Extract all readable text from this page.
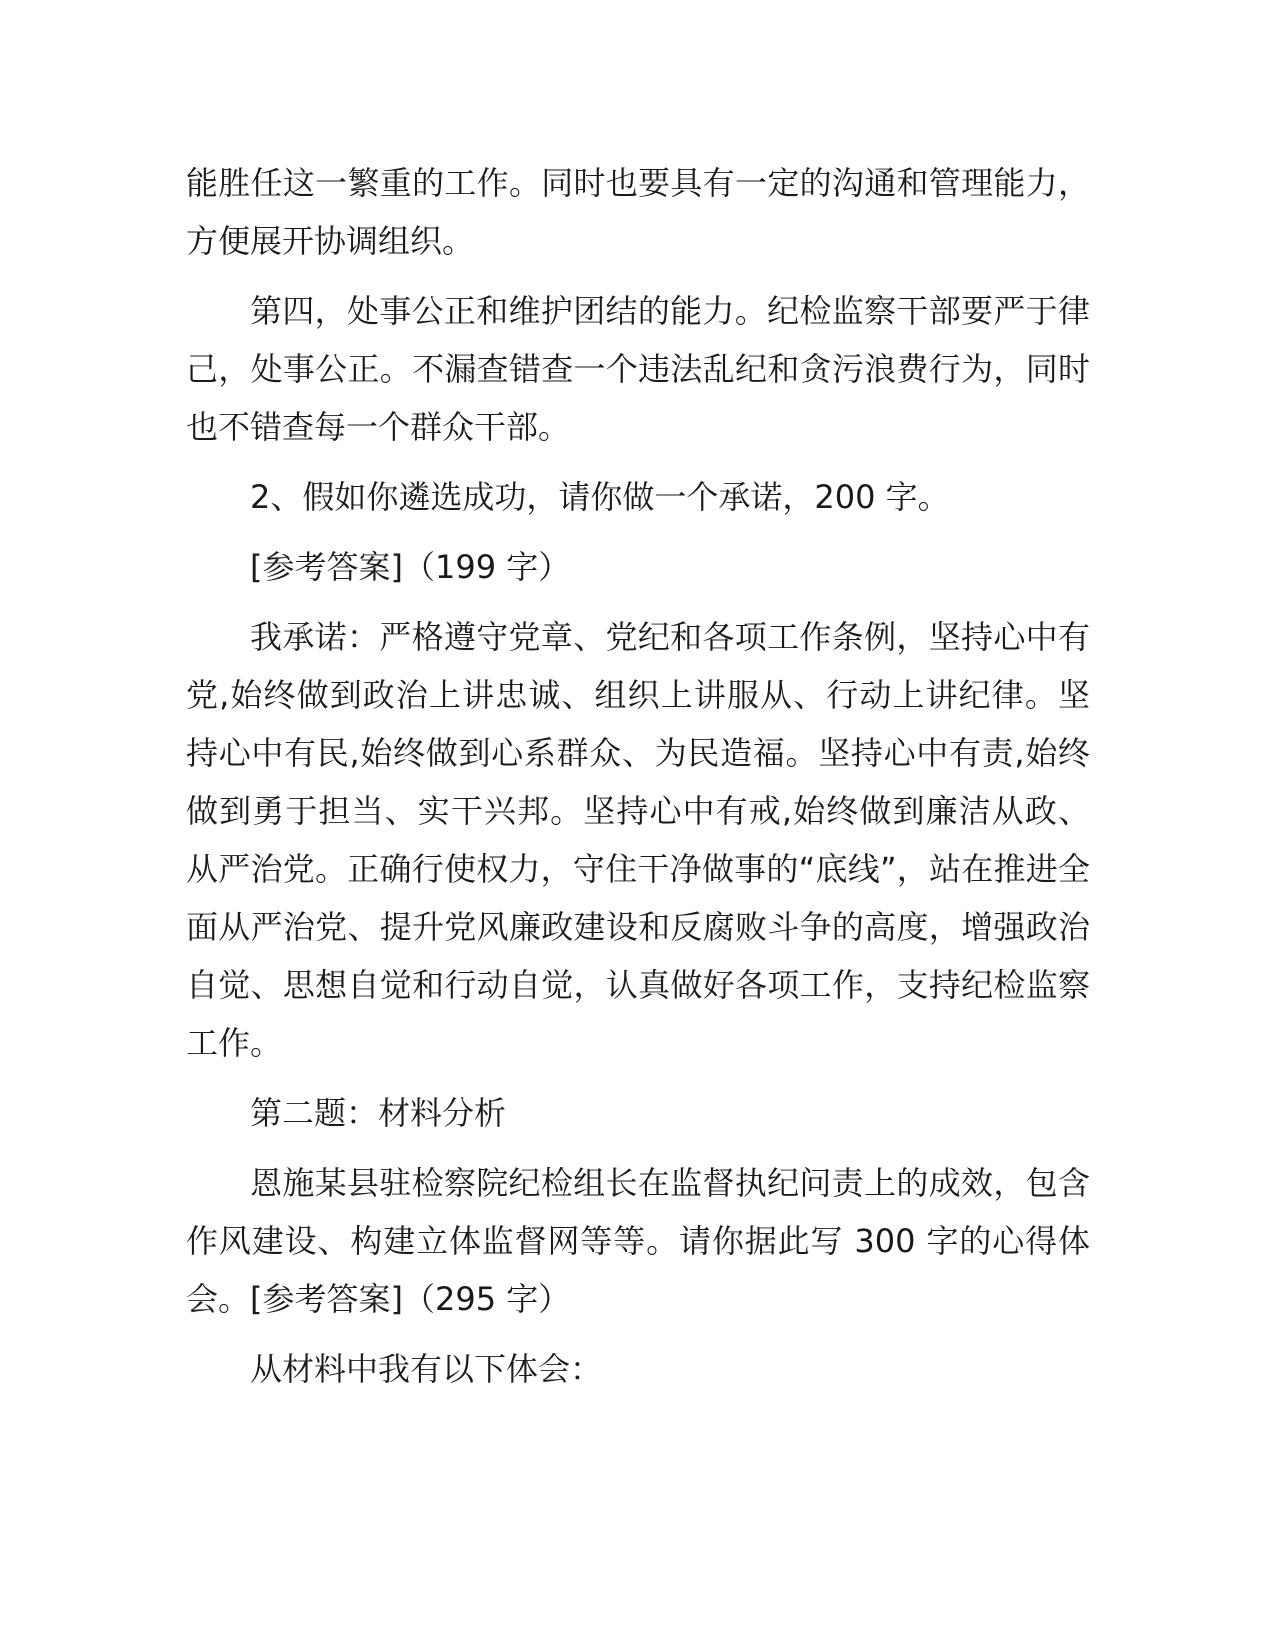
能胜任这一繁重的工作。同时也要具有一定的沟通和管理能力，方便展开协调组织。

第四，处事公正和维护团结的能力。纪检监察干部要严于律己，处事公正。不漏查错查一个违法乱纪和贪污浪费行为，同时也不错查每一个群众干部。

2、假如你遴选成功，请你做一个承诺，200 字。

[参考答案]（199 字）

我承诺：严格遵守党章、党纪和各项工作条例，坚持心中有党,始终做到政治上讲忠诚、组织上讲服从、行动上讲纪律。坚持心中有民,始终做到心系群众、为民造福。坚持心中有责,始终做到勇于担当、实干兴邦。坚持心中有戒,始终做到廉洁从政、从严治党。正确行使权力，守住干净做事的“底线”，站在推进全面从严治党、提升党风廉政建设和反腐败斗争的高度，增强政治自觉、思想自觉和行动自觉，认真做好各项工作，支持纪检监察工作。

第二题：材料分析

恩施某县驻检察院纪检组长在监督执纪问责上的成效，包含作风建设、构建立体监督网等等。请你据此写 300 字的心得体会。[参考答案]（295 字）

从材料中我有以下体会：
